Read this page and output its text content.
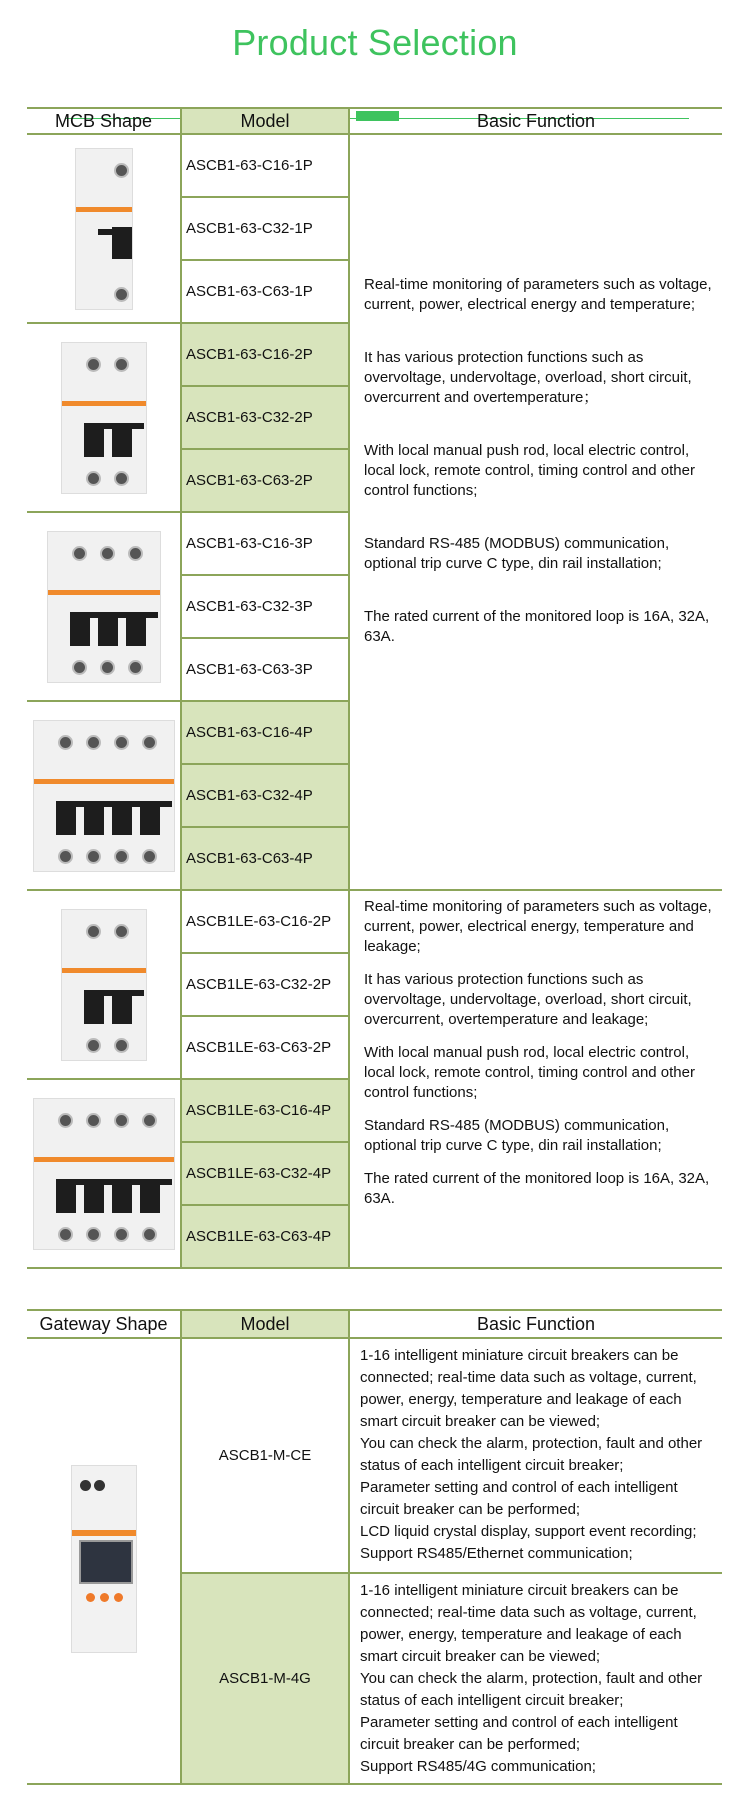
Product Selection
MCB Shape	Model	Basic Function

	ASCB1-63-C16-1P	Real-time monitoring of parameters such as voltage, current, power, electrical energy and temperature;

It has various protection functions such as overvoltage, undervoltage, overload, short circuit, overcurrent and overtemperature；

With local manual push rod, local electric control, local lock, remote control, timing control and other control functions;

Standard RS-485 (MODBUS) communication, optional trip curve C type, din rail installation;

The rated current of the monitored loop is 16A, 32A, 63A.

	ASCB1-63-C32-1P	
	ASCB1-63-C63-1P	

	ASCB1-63-C16-2P	
	ASCB1-63-C32-2P	
	ASCB1-63-C63-2P	

	ASCB1-63-C16-3P	
	ASCB1-63-C32-3P	
	ASCB1-63-C63-3P	

	ASCB1-63-C16-4P	
	ASCB1-63-C32-4P	
	ASCB1-63-C63-4P	

	ASCB1LE-63-C16-2P	Real-time monitoring of parameters such as voltage, current, power, electrical energy, temperature and leakage;

It has various protection functions such as overvoltage, undervoltage, overload, short circuit, overcurrent, overtemperature and leakage;

With local manual push rod, local electric control, local lock, remote control, timing control and other control functions;

Standard RS-485 (MODBUS) communication, optional trip curve C type, din rail installation;

The rated current of the monitored loop is 16A, 32A, 63A.

	ASCB1LE-63-C32-2P	
	ASCB1LE-63-C63-2P	

	ASCB1LE-63-C16-4P	
	ASCB1LE-63-C32-4P	
	ASCB1LE-63-C63-4P	
Gateway Shape	Model	Basic Function

	ASCB1-M-CE	1-16 intelligent miniature circuit breakers can be connected; real-time data such as voltage, current, power, energy, temperature and leakage of each smart circuit breaker can be viewed;

You can check the alarm, protection, fault and other status of each intelligent circuit breaker;

Parameter setting and control of each intelligent circuit breaker can be performed;

LCD liquid crystal display, support event recording;

Support RS485/Ethernet communication;

	ASCB1-M-4G	1-16 intelligent miniature circuit breakers can be connected; real-time data such as voltage, current, power, energy, temperature and leakage of each smart circuit breaker can be viewed;

You can check the alarm, protection, fault and other status of each intelligent circuit breaker;

Parameter setting and control of each intelligent circuit breaker can be performed;

Support RS485/4G communication;
